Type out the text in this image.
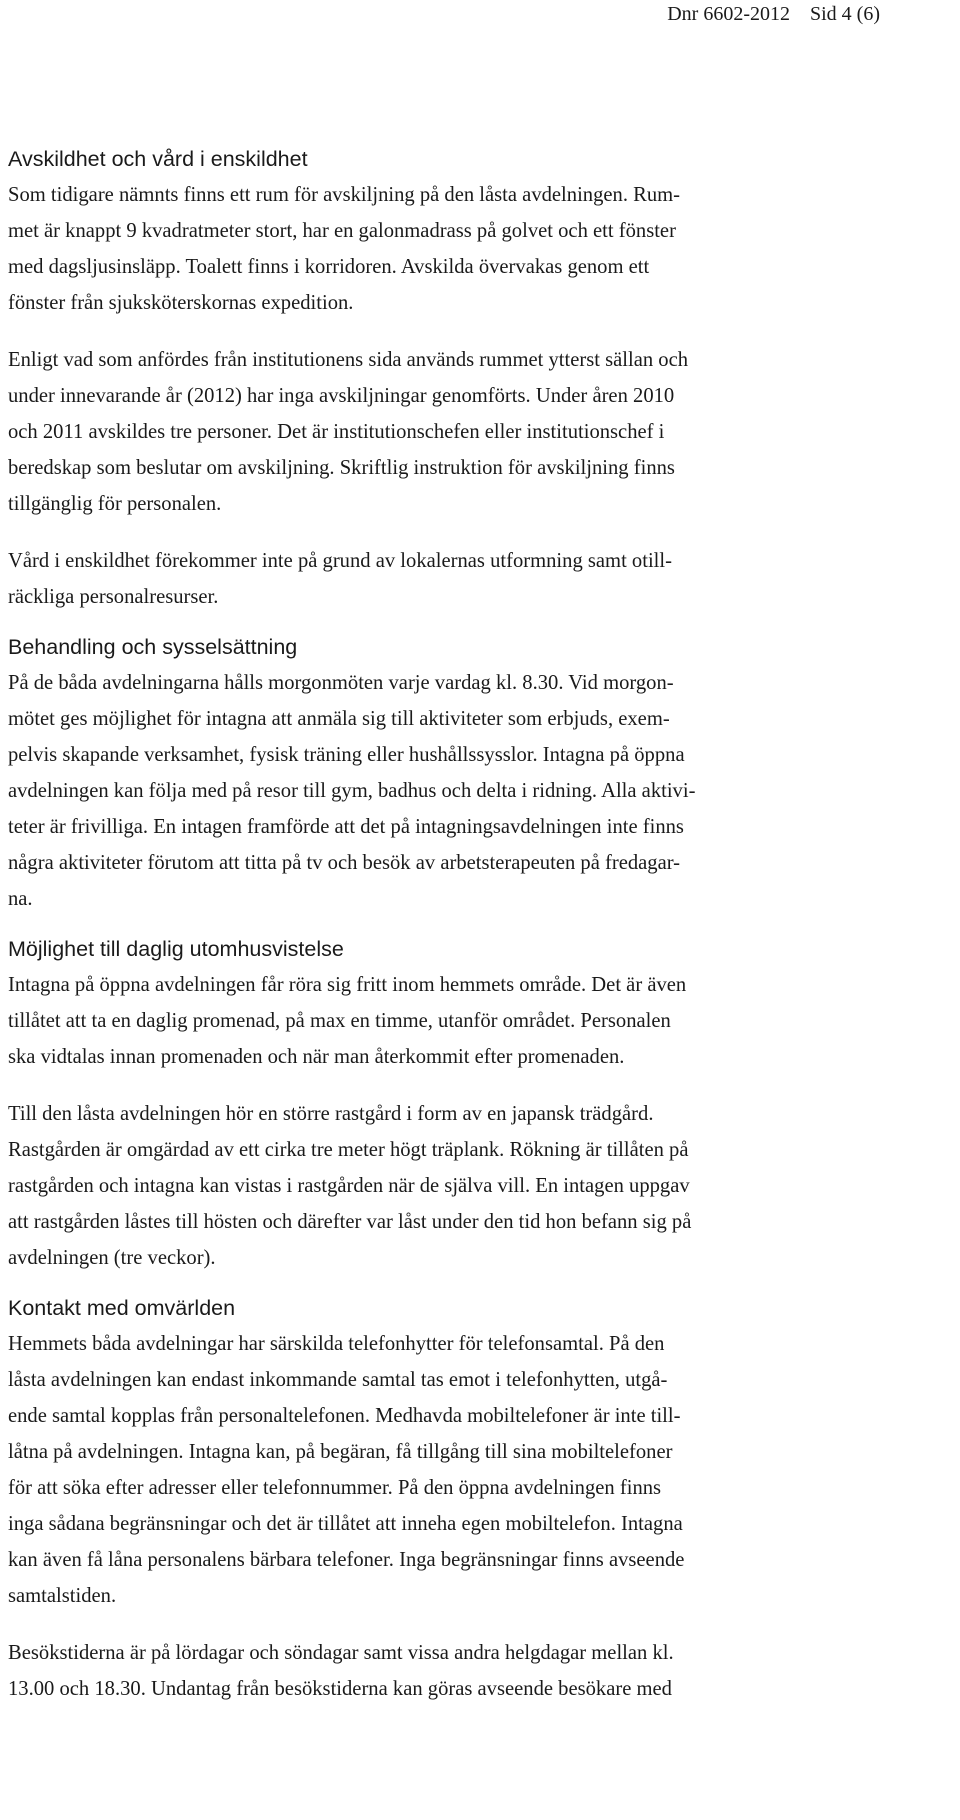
Dnr 6602-2012 Sid 4 (6)
Avskildhet och vård i enskildhet

Som tidigare nämnts finns ett rum för avskiljning på den låsta avdelningen. Rum-
met är knappt 9 kvadratmeter stort, har en galonmadrass på golvet och ett fönster
med dagsljusinsläpp. Toalett finns i korridoren. Avskilda övervakas genom ett
fönster från sjuksköterskornas expedition.

Enligt vad som anfördes från institutionens sida används rummet ytterst sällan och
under innevarande år (2012) har inga avskiljningar genomförts. Under åren 2010
och 2011 avskildes tre personer. Det är institutionschefen eller institutionschef i
beredskap som beslutar om avskiljning. Skriftlig instruktion för avskiljning finns
tillgänglig för personalen.

Vård i enskildhet förekommer inte på grund av lokalernas utformning samt otill-
räckliga personalresurser.

Behandling och sysselsättning

På de båda avdelningarna hålls morgonmöten varje vardag kl. 8.30. Vid morgon-
mötet ges möjlighet för intagna att anmäla sig till aktiviteter som erbjuds, exem-
pelvis skapande verksamhet, fysisk träning eller hushållssysslor. Intagna på öppna
avdelningen kan följa med på resor till gym, badhus och delta i ridning. Alla aktivi-
teter är frivilliga. En intagen framförde att det på intagningsavdelningen inte finns
några aktiviteter förutom att titta på tv och besök av arbetsterapeuten på fredagar-
na.

Möjlighet till daglig utomhusvistelse

Intagna på öppna avdelningen får röra sig fritt inom hemmets område. Det är även
tillåtet att ta en daglig promenad, på max en timme, utanför området. Personalen
ska vidtalas innan promenaden och när man återkommit efter promenaden.

Till den låsta avdelningen hör en större rastgård i form av en japansk trädgård.
Rastgården är omgärdad av ett cirka tre meter högt träplank. Rökning är tillåten på
rastgården och intagna kan vistas i rastgården när de själva vill. En intagen uppgav
att rastgården låstes till hösten och därefter var låst under den tid hon befann sig på
avdelningen (tre veckor).

Kontakt med omvärlden

Hemmets båda avdelningar har särskilda telefonhytter för telefonsamtal. På den
låsta avdelningen kan endast inkommande samtal tas emot i telefonhytten, utgå-
ende samtal kopplas från personaltelefonen. Medhavda mobiltelefoner är inte till-
låtna på avdelningen. Intagna kan, på begäran, få tillgång till sina mobiltelefoner
för att söka efter adresser eller telefonnummer. På den öppna avdelningen finns
inga sådana begränsningar och det är tillåtet att inneha egen mobiltelefon. Intagna
kan även få låna personalens bärbara telefoner. Inga begränsningar finns avseende
samtalstiden.

Besökstiderna är på lördagar och söndagar samt vissa andra helgdagar mellan kl.
13.00 och 18.30. Undantag från besökstiderna kan göras avseende besökare med
